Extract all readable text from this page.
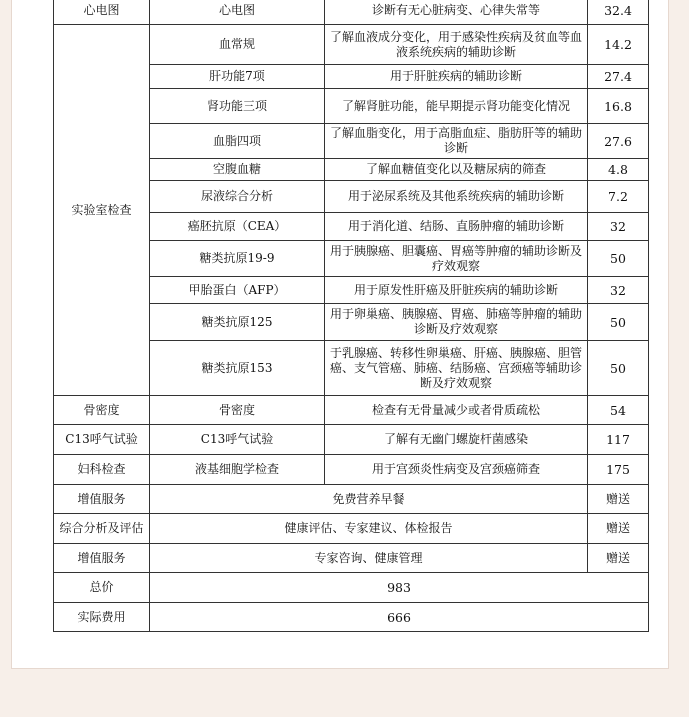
心电图	心电图	诊断有无心脏病变、心律失常等	32.4
实验室检查	血常规	了解血液成分变化，用于感染性疾病及贫血等血液系统疾病的辅助诊断	14.2
	肝功能7项	用于肝脏疾病的辅助诊断	27.4
	肾功能三项	了解肾脏功能，能早期提示肾功能变化情况	16.8
	血脂四项	了解血脂变化，用于高脂血症、脂肪肝等的辅助诊断	27.6
	空腹血糖	了解血糖值变化以及糖尿病的筛查	4.8
	尿液综合分析	用于泌尿系统及其他系统疾病的辅助诊断	7.2
	癌胚抗原（CEA）	用于消化道、结肠、直肠肿瘤的辅助诊断	32
	糖类抗原19-9	用于胰腺癌、胆囊癌、胃癌等肿瘤的辅助诊断及疗效观察	50
	甲胎蛋白（AFP）	用于原发性肝癌及肝脏疾病的辅助诊断	32
	糖类抗原125	用于卵巢癌、胰腺癌、胃癌、肺癌等肿瘤的辅助诊断及疗效观察	50
	糖类抗原153	于乳腺癌、转移性卵巢癌、肝癌、胰腺癌、胆管癌、支气管癌、肺癌、结肠癌、宫颈癌等辅助诊断及疗效观察	50
骨密度	骨密度	检查有无骨量减少或者骨质疏松	54
C13呼气试验	C13呼气试验	了解有无幽门螺旋杆菌感染	117
妇科检查	液基细胞学检查	用于宫颈炎性病变及宫颈癌筛查	175
增值服务	免费营养早餐		赠送
综合分析及评估	健康评估、专家建议、体检报告		赠送
增值服务	专家咨询、健康管理		赠送
总价	983		
实际费用	666		
